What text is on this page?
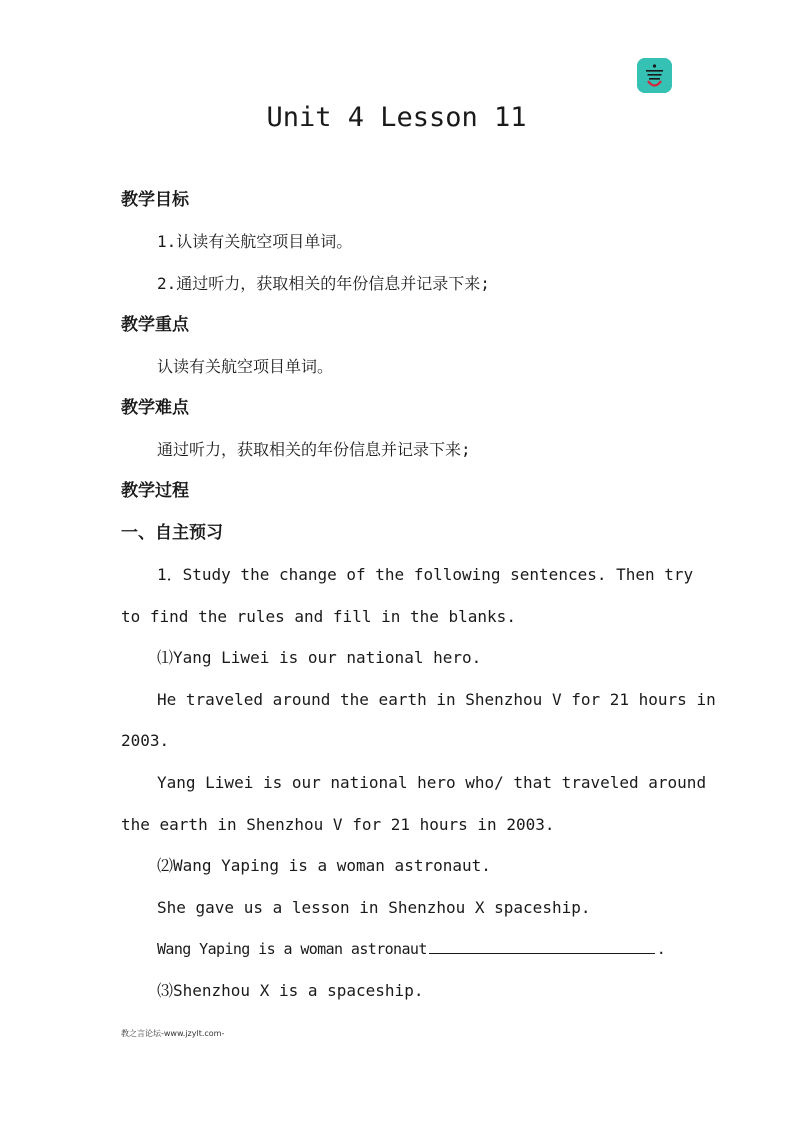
Unit 4 Lesson 11
教学目标
1.认读有关航空项目单词。
2.通过听力，获取相关的年份信息并记录下来;
教学重点
认读有关航空项目单词。
教学难点
通过听力，获取相关的年份信息并记录下来;
教学过程
一、自主预习
1．Study the change of the following sentences. Then try
to find the rules and fill in the blanks.
⑴Yang Liwei is our national hero.
He traveled around the earth in Shenzhou V for 21 hours in
2003.
Yang Liwei is our national hero who/ that traveled around
the earth in Shenzhou V for 21 hours in 2003.
⑵Wang Yaping is a woman astronaut.
She gave us a lesson in Shenzhou X spaceship.
Wang Yaping is a woman astronaut	.
⑶Shenzhou X is a spaceship.
教之言论坛-www.jzylt.com-
